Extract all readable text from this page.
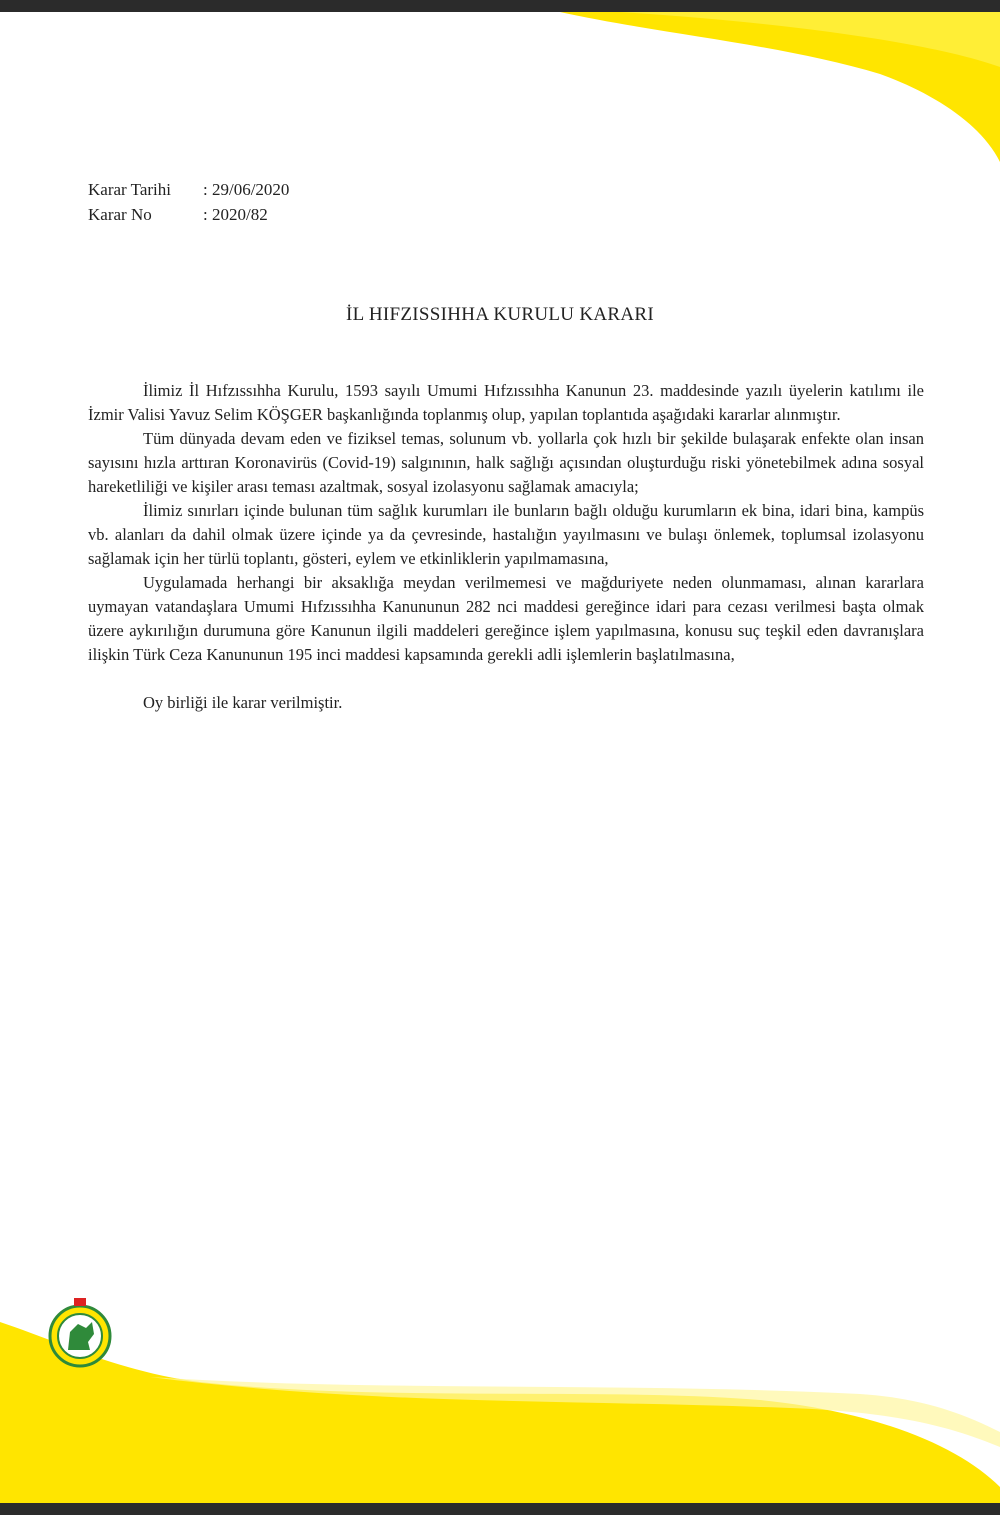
Karar Tarihi	: 29/06/2020
Karar No	: 2020/82
İL HIFZISSIHHA KURULU KARARI

İlimiz İl Hıfzıssıhha Kurulu, 1593 sayılı Umumi Hıfzıssıhha Kanunun 23. maddesinde yazılı üyelerin katılımı ile İzmir Valisi Yavuz Selim KÖŞGER başkanlığında toplanmış olup, yapılan toplantıda aşağıdaki kararlar alınmıştır.

Tüm dünyada devam eden ve fiziksel temas, solunum vb. yollarla çok hızlı bir şekilde bulaşarak enfekte olan insan sayısını hızla arttıran Koronavirüs (Covid-19) salgınının, halk sağlığı açısından oluşturduğu riski yönetebilmek adına sosyal hareketliliği ve kişiler arası teması azaltmak, sosyal izolasyonu sağlamak amacıyla;

İlimiz sınırları içinde bulunan tüm sağlık kurumları ile bunların bağlı olduğu kurumların ek bina, idari bina, kampüs vb. alanları da dahil olmak üzere içinde ya da çevresinde, hastalığın yayılmasını ve bulaşı önlemek, toplumsal izolasyonu sağlamak için her türlü toplantı, gösteri, eylem ve etkinliklerin yapılmamasına,

Uygulamada herhangi bir aksaklığa meydan verilmemesi ve mağduriyete neden olunmaması, alınan kararlara uymayan vatandaşlara Umumi Hıfzıssıhha Kanununun 282 nci maddesi gereğince idari para cezası verilmesi başta olmak üzere aykırılığın durumuna göre Kanunun ilgili maddeleri gereğince işlem yapılmasına, konusu suç teşkil eden davranışlara ilişkin Türk Ceza Kanununun 195 inci maddesi kapsamında gerekli adli işlemlerin başlatılmasına,

Oy birliği ile karar verilmiştir.
